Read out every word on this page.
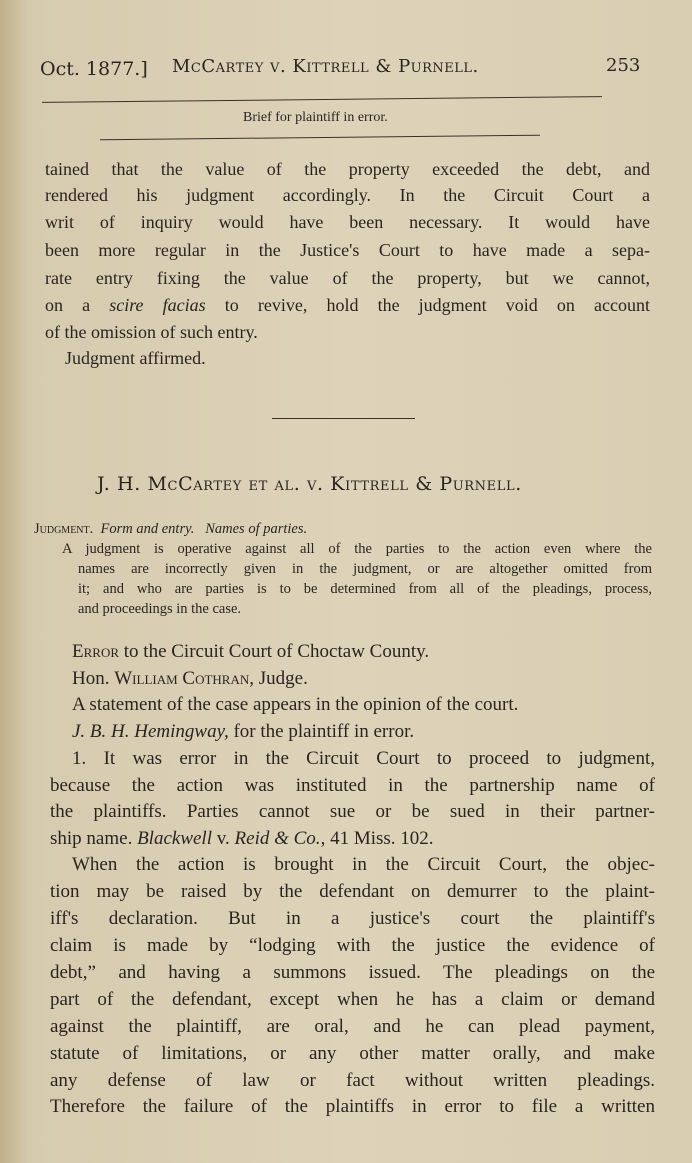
Oct. 1877.] McCartey v. Kittrell & Purnell.	253
Brief for plaintiff in error.
tained that the value of the property exceeded the debt, and
rendered his judgment accordingly. In the Circuit Court a
writ of inquiry would have been necessary. It would have
been more regular in the Justice's Court to have made a sepa-
rate entry fixing the value of the property, but we cannot,
on a scire facias to revive, hold the judgment void on account
of the omission of such entry.
Judgment affirmed.
J. H. McCartey et al. v. Kittrell & Purnell.
Judgment. Form and entry.   Names of parties.
A judgment is operative against all of the parties to the action even where the
names are incorrectly given in the judgment, or are altogether omitted from
it; and who are parties is to be determined from all of the pleadings, process,
and proceedings in the case.
Error to the Circuit Court of Choctaw County.
Hon. William Cothran, Judge.
A statement of the case appears in the opinion of the court.
J. B. H. Hemingway, for the plaintiff in error.
1. It was error in the Circuit Court to proceed to judgment,
because the action was instituted in the partnership name of
the plaintiffs. Parties cannot sue or be sued in their partner-
ship name. Blackwell v. Reid & Co., 41 Miss. 102.
When the action is brought in the Circuit Court, the objec-
tion may be raised by the defendant on demurrer to the plaint-
iff's declaration. But in a justice's court the plaintiff's
claim is made by “lodging with the justice the evidence of
debt,” and having a summons issued. The pleadings on the
part of the defendant, except when he has a claim or demand
against the plaintiff, are oral, and he can plead payment,
statute of limitations, or any other matter orally, and make
any defense of law or fact without written pleadings.
Therefore the failure of the plaintiffs in error to file a written
